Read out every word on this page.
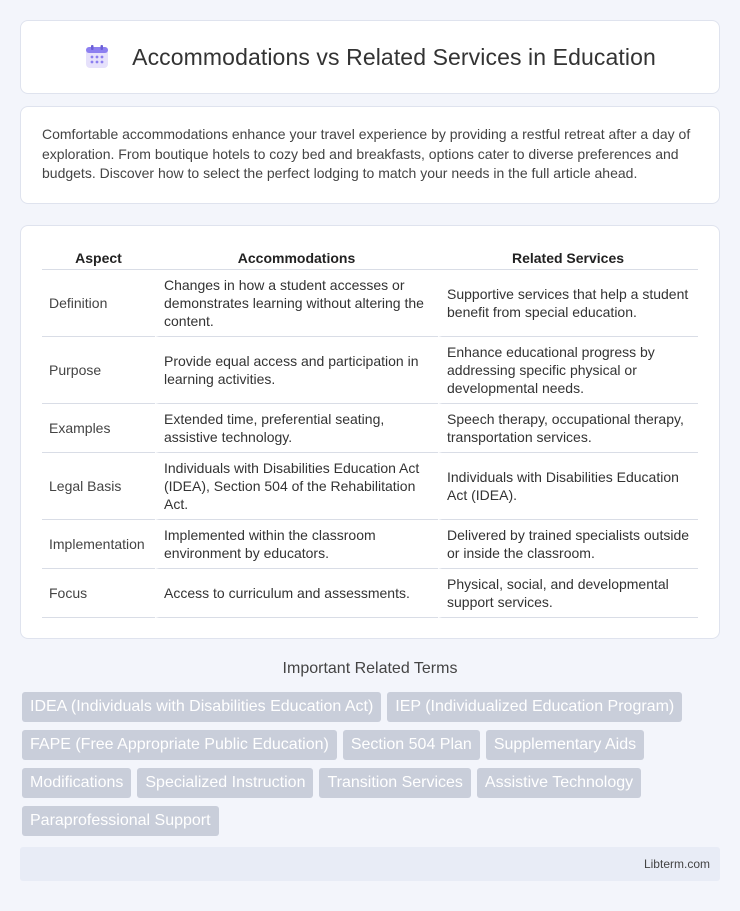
Accommodations vs Related Services in Education

Comfortable accommodations enhance your travel experience by providing a restful retreat after a day of exploration. From boutique hotels to cozy bed and breakfasts, options cater to diverse preferences and budgets. Discover how to select the perfect lodging to match your needs in the full article ahead.

Aspect	Accommodations	Related Services
Definition	Changes in how a student accesses or demonstrates learning without altering the content.	Supportive services that help a student benefit from special education.
Purpose	Provide equal access and participation in learning activities.	Enhance educational progress by addressing specific physical or developmental needs.
Examples	Extended time, preferential seating, assistive technology.	Speech therapy, occupational therapy, transportation services.
Legal Basis	Individuals with Disabilities Education Act (IDEA), Section 504 of the Rehabilitation Act.	Individuals with Disabilities Education Act (IDEA).
Implementation	Implemented within the classroom environment by educators.	Delivered by trained specialists outside or inside the classroom.
Focus	Access to curriculum and assessments.	Physical, social, and developmental support services.
Important Related Terms
IDEA (Individuals with Disabilities Education Act)	IEP (Individualized Education Program)
FAPE (Free Appropriate Public Education)	Section 504 Plan	Supplementary Aids
Modifications	Specialized Instruction	Transition Services	Assistive Technology
Paraprofessional Support
Libterm.com
